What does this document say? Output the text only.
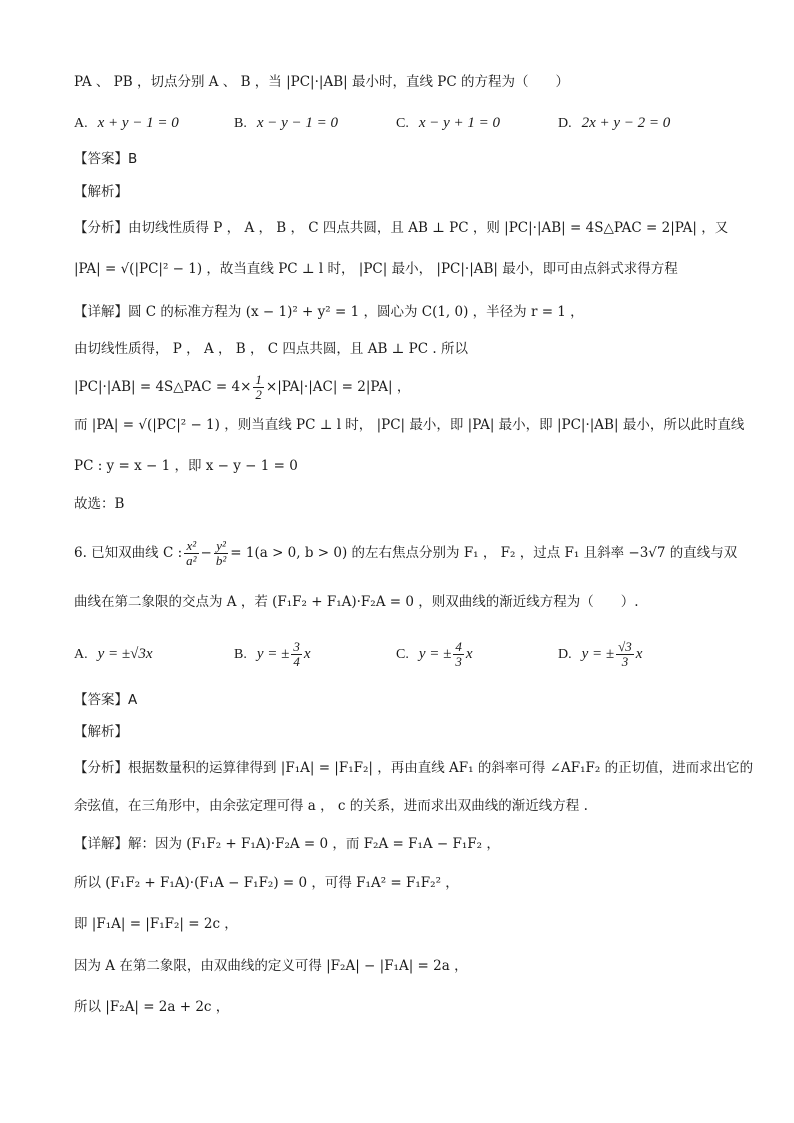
PA 、 PB ，切点分别 A 、 B ，当 |PC|·|AB| 最小时，直线 PC 的方程为（　　）
A. x + y − 1 = 0	B. x − y − 1 = 0	C. x − y + 1 = 0	D. 2x + y − 2 = 0
【答案】B
【解析】
【分析】由切线性质得 P ， A ， B ， C 四点共圆，且 AB ⊥ PC ，则 |PC|·|AB| = 4S△PAC = 2|PA| ，又
|PA| = √(|PC|² − 1) ，故当直线 PC ⊥ l 时， |PC| 最小， |PC|·|AB| 最小，即可由点斜式求得方程
【详解】圆 C 的标准方程为 (x − 1)² + y² = 1 ，圆心为 C(1, 0) ，半径为 r = 1 ，
由切线性质得， P ， A ， B ， C 四点共圆，且 AB ⊥ PC . 所以
|PC|·|AB| = 4S△PAC = $4\times \frac{1}{2} \times|PA|\cdot|AC| = 2|PA|$ ，
而 |PA| = √(|PC|² − 1) ，则当直线 PC ⊥ l 时， |PC| 最小，即 |PA| 最小，即 |PC|·|AB| 最小，所以此时直线
PC : y = x − 1 ，即 x − y − 1 = 0
故选：B
6. 已知双曲线 C : $\frac{\text{x²}}{\text{a²}} - \frac{\text{y²}}{\text{b²}} = 1(a > 0$, b > 0) 的左右焦点分别为 F₁ ， F₂ ，过点 F₁ 且斜率 −3√7 的直线与双
曲线在第二象限的交点为 A ，若 (F₁F₂ + F₁A)·F₂A = 0 ，则双曲线的渐近线方程为（　　）.
A. y = ±√3x	B. y = ± $\frac{3}{4}$ x	C. y = ± $\frac{4}{3}$ x	D. y = ± $\frac{√3}{3}$ x
【答案】A
【解析】
【分析】根据数量积的运算律得到 |F₁A| = |F₁F₂| ，再由直线 AF₁ 的斜率可得 ∠AF₁F₂ 的正切值，进而求出它的
余弦值，在三角形中，由余弦定理可得 a ， c 的关系，进而求出双曲线的渐近线方程 .
【详解】解：因为 (F₁F₂ + F₁A)·F₂A = 0 ，而 F₂A = F₁A − F₁F₂ ，
所以 (F₁F₂ + F₁A)·(F₁A − F₁F₂) = 0 ，可得 F₁A² = F₁F₂² ，
即 |F₁A| = |F₁F₂| = 2c ，
因为 A 在第二象限，由双曲线的定义可得 |F₂A| − |F₁A| = 2a ，
所以 |F₂A| = 2a + 2c ，
